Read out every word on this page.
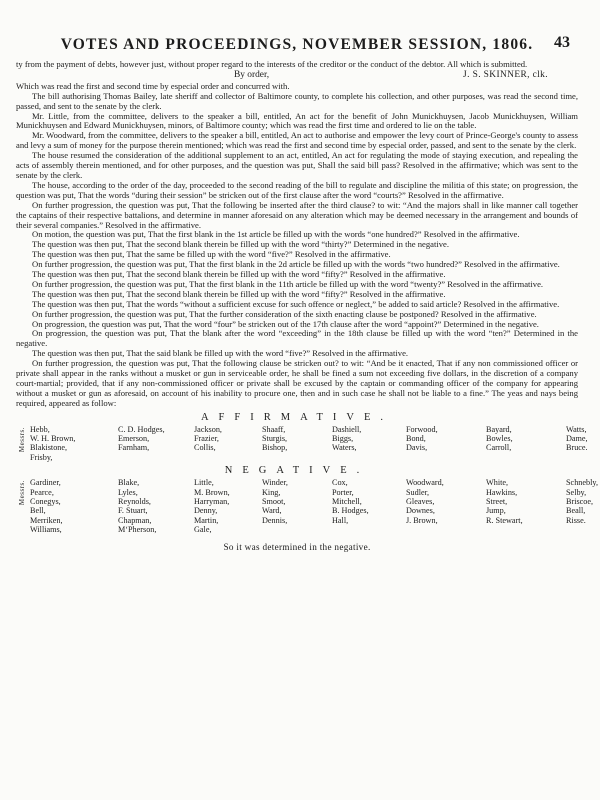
VOTES AND PROCEEDINGS, NOVEMBER SESSION, 1806. 43

ty from the payment of debts, however just, without proper regard to the interests of the creditor or the conduct of the debtor. All which is submitted.

By order,	J. S. SKINNER, clk.

Which was read the first and second time by especial order and concurred with.

The bill authorising Thomas Bailey, late sheriff and collector of Baltimore county, to complete his collection, and other purposes, was read the second time, passed, and sent to the senate by the clerk.

Mr. Little, from the committee, delivers to the speaker a bill, entitled, An act for the benefit of John Munickhuysen, Jacob Munickhuysen, William Munickhuysen and Edward Munickhuysen, minors, of Baltimore county; which was read the first time and ordered to lie on the table.

Mr. Woodward, from the committee, delivers to the speaker a bill, entitled, An act to authorise and empower the levy court of Prince-George's county to assess and levy a sum of money for the purpose therein mentioned; which was read the first and second time by especial order, passed, and sent to the senate by the clerk.

The house resumed the consideration of the additional supplement to an act, entitled, An act for regulating the mode of staying execution, and repealing the acts of assembly therein mentioned, and for other purposes, and the question was put, Shall the said bill pass? Resolved in the affirmative; which was sent to the senate by the clerk.

The house, according to the order of the day, proceeded to the second reading of the bill to regulate and discipline the militia of this state; on progression, the question was put, That the words “during their session” be stricken out of the first clause after the word “courts?” Resolved in the affirmative.

On further progression, the question was put, That the following be inserted after the third clause? to wit: “And the majors shall in like manner call together the captains of their respective battalions, and determine in manner aforesaid on any alteration which may be deemed necessary in the arrangement and bounds of their several companies.” Resolved in the affirmative.

On motion, the question was put, That the first blank in the 1st article be filled up with the words “one hundred?” Resolved in the affirmative.

The question was then put, That the second blank therein be filled up with the word “thirty?” Determined in the negative.

The question was then put, That the same be filled up with the word “five?” Resolved in the affirmative.

On further progression, the question was put, That the first blank in the 2d article be filled up with the words “two hundred?” Resolved in the affirmative.

The question was then put, That the second blank therein be filled up with the word “fifty?” Resolved in the affirmative.

On further progression, the question was put, That the first blank in the 11th article be filled up with the word “twenty?” Resolved in the affirmative.

The question was then put, That the second blank therein be filled up with the word “fifty?” Resolved in the affirmative.

The question was then put, That the words “without a sufficient excuse for such offence or neglect,” be added to said article? Resolved in the affirmative.

On further progression, the question was put, That the further consideration of the sixth enacting clause be postponed? Resolved in the affirmative.

On progression, the question was put, That the word “four” be stricken out of the 17th clause after the word “appoint?” Determined in the negative.

On progression, the question was put, That the blank after the word “exceeding” in the 18th clause be filled up with the word “ten?” Determined in the negative.

The question was then put, That the said blank be filled up with the word “five?” Resolved in the affirmative.

On further progression, the question was put, That the following clause be stricken out? to wit: “And be it enacted, That if any non commissioned officer or private shall appear in the ranks without a musket or gun in serviceable order, he shall be fined a sum not exceeding five dollars, in the discretion of a company court-martial; provided, that if any non-commissioned officer or private shall be excused by the captain or commanding officer of the company for appearing without a musket or gun as aforesaid, on account of his inability to procure one, then and in such case he shall not be liable to a fine.” The yeas and nays being required, appeared as follow:

AFFIRMATIVE.
Messrs. Hebb,
W. H. Brown,
Blakistone,
Frisby,
C. D. Hodges,
Emerson,
Farnham,
Jackson,
Frazier,
Collis,
Shaaff,
Sturgis,
Bishop,
Dashiell,
Biggs,
Waters,
Forwood,
Bond,
Davis,
Bayard,
Bowles,
Carroll,
Watts,
Dame,
Bruce.
NEGATIVE.
Messrs. Gardiner,
Pearce,
Conegys,
Bell,
Merriken,
Williams,
Blake,
Lyles,
Reynolds,
F. Stuart,
Chapman,
M‘Pherson,
Little,
M. Brown,
Harryman,
Denny,
Martin,
Gale,
Winder,
King,
Smoot,
Ward,
Dennis,
Cox,
Porter,
Mitchell,
B. Hodges,
Hall,
Woodward,
Sudler,
Gleaves,
Downes,
J. Brown,
White,
Hawkins,
Street,
Jump,
R. Stewart,
Schnebly,
Selby,
Briscoe,
Beall,
Risse.
So it was determined in the negative.
